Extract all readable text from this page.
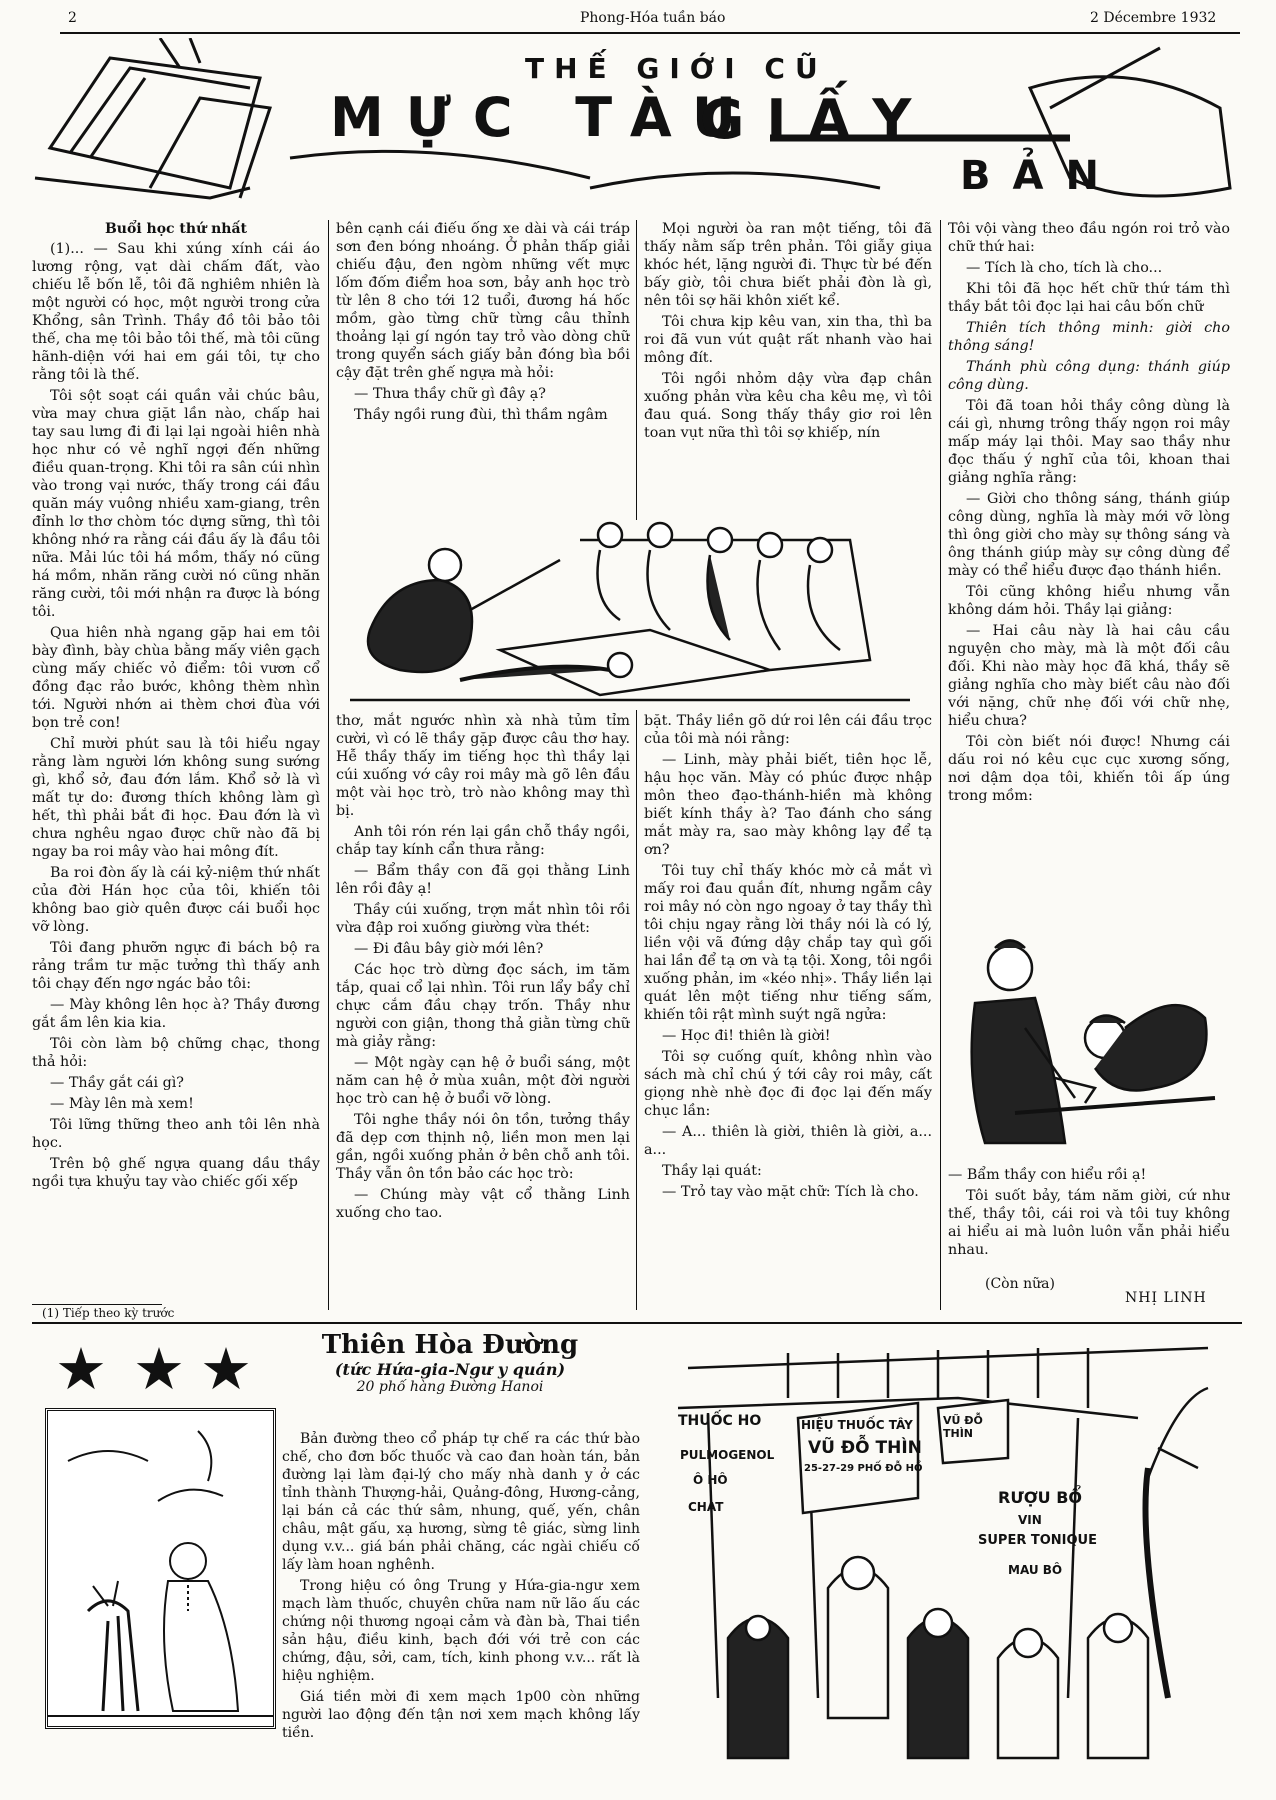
2	Phong-Hóa tuần báo	2 Décembre 1932
THẾ GIỚI CŨ
MỰC TÀU
GIẤY
BẢN
Buổi học thứ nhất

(1)... — Sau khi xúng xính cái áo lương rộng, vạt dài chấm đất, vào chiếu lễ bốn lễ, tôi đã nghiêm nhiên là một người có học, một người trong cửa Khổng, sân Trình. Thầy đồ tôi bảo tôi thế, cha mẹ tôi bảo tôi thế, mà tôi cũng hãnh-diện với hai em gái tôi, tự cho rằng tôi là thế.

Tôi sột soạt cái quần vải chúc bâu, vừa may chưa giặt lần nào, chấp hai tay sau lưng đi đi lại lại ngoài hiên nhà học như có vẻ nghĩ ngợi đến những điều quan-trọng. Khi tôi ra sân cúi nhìn vào trong vại nước, thấy trong cái đầu quăn máy vuông nhiều xam-giang, trên đỉnh lơ thơ chòm tóc dựng sững, thì tôi không nhớ ra rằng cái đầu ấy là đầu tôi nữa. Mải lúc tôi há mồm, thấy nó cũng há mồm, nhăn răng cười nó cũng nhăn răng cười, tôi mới nhận ra được là bóng tôi.

Qua hiên nhà ngang gặp hai em tôi bày đình, bày chùa bằng mấy viên gạch cùng mấy chiếc vỏ điểm: tôi vươn cổ đồng đạc rảo bước, không thèm nhìn tới. Người nhớn ai thèm chơi đùa với bọn trẻ con!

Chỉ mười phút sau là tôi hiểu ngay rằng làm người lớn không sung sướng gì, khổ sở, đau đớn lắm. Khổ sở là vì mất tự do: đương thích không làm gì hết, thì phải bắt đi học. Đau đớn là vì chưa nghêu ngao được chữ nào đã bị ngay ba roi mây vào hai mông đít.

Ba roi đòn ấy là cái kỷ-niệm thứ nhất của đời Hán học của tôi, khiến tôi không bao giờ quên được cái buổi học vỡ lòng.

Tôi đang phưỡn ngực đi bách bộ ra rảng trầm tư mặc tưởng thì thấy anh tôi chạy đến ngơ ngác bảo tôi:

— Mày không lên học à? Thầy đương gắt ầm lên kia kia.

Tôi còn làm bộ chững chạc, thong thả hỏi:

— Thầy gắt cái gì?

— Mày lên mà xem!

Tôi lững thững theo anh tôi lên nhà học.

Trên bộ ghế ngựa quang dầu thầy ngồi tựa khuỷu tay vào chiếc gối xếp

(1) Tiếp theo kỳ trước

bên cạnh cái điếu ống xe dài và cái tráp sơn đen bóng nhoáng. Ở phản thấp giải chiếu đậu, đen ngòm những vết mực lốm đốm điểm hoa sơn, bảy anh học trò từ lên 8 cho tới 12 tuổi, đương há hốc mồm, gào từng chữ từng câu thỉnh thoảng lại gí ngón tay trỏ vào dòng chữ trong quyển sách giấy bản đóng bìa bồi cậy đặt trên ghế ngựa mà hỏi:

— Thưa thầy chữ gì đây ạ?

Thầy ngồi rung đùi, thì thầm ngâm

Mọi người òa ran một tiếng, tôi đã thấy nằm sấp trên phản. Tôi giẫy giụa khóc hét, lặng người đi. Thực từ bé đến bấy giờ, tôi chưa biết phải đòn là gì, nên tôi sợ hãi khôn xiết kể.

Tôi chưa kịp kêu van, xin tha, thì ba roi đã vun vút quật rất nhanh vào hai mông đít.

Tôi ngồi nhỏm dậy vừa đạp chân xuống phản vừa kêu cha kêu mẹ, vì tôi đau quá. Song thấy thầy giơ roi lên toan vụt nữa thì tôi sợ khiếp, nín

thơ, mắt ngước nhìn xà nhà tủm tỉm cười, vì có lẽ thầy gặp được câu thơ hay. Hễ thầy thấy im tiếng học thì thầy lại cúi xuống vớ cây roi mây mà gõ lên đầu một vài học trò, trò nào không may thì bị.

Anh tôi rón rén lại gần chỗ thầy ngồi, chắp tay kính cẩn thưa rằng:

— Bẩm thầy con đã gọi thằng Linh lên rồi đây ạ!

Thầy cúi xuống, trợn mắt nhìn tôi rồi vừa đập roi xuống giường vừa thét:

— Đi đâu bây giờ mới lên?

Các học trò dừng đọc sách, im tăm tắp, quai cổ lại nhìn. Tôi run lẩy bẩy chỉ chực cắm đầu chạy trốn. Thầy như người con giận, thong thả giằn từng chữ mà giảy rằng:

— Một ngày cạn hệ ở buổi sáng, một năm can hệ ở mùa xuân, một đời người học trò can hệ ở buổi vỡ lòng.

Tôi nghe thầy nói ôn tồn, tưởng thầy đã dẹp cơn thịnh nộ, liền mon men lại gần, ngồi xuống phản ở bên chỗ anh tôi. Thầy vẫn ôn tồn bảo các học trò:

— Chúng mày vật cổ thằng Linh xuống cho tao.

bặt. Thầy liền gõ dứ roi lên cái đầu trọc của tôi mà nói rằng:

— Linh, mày phải biết, tiên học lễ, hậu học văn. Mày có phúc được nhập môn theo đạo-thánh-hiền mà không biết kính thầy à? Tao đánh cho sáng mắt mày ra, sao mày không lạy để tạ ơn?

Tôi tuy chỉ thấy khóc mờ cả mắt vì mấy roi đau quắn đít, nhưng ngẫm cây roi mây nó còn ngo ngoay ở tay thầy thì tôi chịu ngay rằng lời thầy nói là có lý, liền vội vã đứng dậy chắp tay quì gối hai lần để tạ ơn và tạ tội. Xong, tôi ngồi xuống phản, im «kéo nhị». Thầy liền lại quát lên một tiếng như tiếng sấm, khiến tôi rật mình suýt ngã ngửa:

— Học đi! thiên là giời!

Tôi sợ cuống quít, không nhìn vào sách mà chỉ chú ý tới cây roi mây, cất giọng nhè nhè đọc đi đọc lại đến mấy chục lần:

— A... thiên là giời, thiên là giời, a... a...

Thầy lại quát:

— Trỏ tay vào mặt chữ: Tích là cho.

Tôi vội vàng theo đầu ngón roi trỏ vào chữ thứ hai:

— Tích là cho, tích là cho...

Khi tôi đã học hết chữ thứ tám thì thầy bắt tôi đọc lại hai câu bốn chữ

Thiên tích thông minh: giời cho thông sáng!

Thánh phù công dụng: thánh giúp công dùng.

Tôi đã toan hỏi thầy công dùng là cái gì, nhưng trông thấy ngọn roi mây mấp máy lại thôi. May sao thầy như đọc thấu ý nghĩ của tôi, khoan thai giảng nghĩa rằng:

— Giời cho thông sáng, thánh giúp công dùng, nghĩa là mày mới vỡ lòng thì ông giời cho mày sự thông sáng và ông thánh giúp mày sự công dùng để mày có thể hiểu được đạo thánh hiền.

Tôi cũng không hiểu nhưng vẫn không dám hỏi. Thầy lại giảng:

— Hai câu này là hai câu cầu nguyện cho mày, mà là một đối câu đối. Khi nào mày học đã khá, thầy sẽ giảng nghĩa cho mày biết câu nào đối với nặng, chữ nhẹ đối với chữ nhẹ, hiểu chưa?

Tôi còn biết nói được! Nhưng cái dấu roi nó kêu cục cục xương sống, nơi dậm dọa tôi, khiến tôi ấp úng trong mồm:

— Bẩm thầy con hiểu rồi ạ!

Tôi suốt bảy, tám năm giời, cứ như thế, thầy tôi, cái roi và tôi tuy không ai hiểu ai mà luôn luôn vẫn phải hiểu nhau.

(Còn nữa)
NHỊ LINH
★ ★ ★	Thiên Hòa Đường
(tức Hứa-gia-Ngư y quán)
20 phố hàng Đường Hanoi

Bản đường theo cổ pháp tự chế ra các thứ bào chế, cho đơn bốc thuốc và cao đan hoàn tán, bản đường lại làm đại-lý cho mấy nhà danh y ở các tỉnh thành Thượng-hải, Quảng-đông, Hương-cảng, lại bán cả các thứ sâm, nhung, quế, yến, chân châu, mật gấu, xạ hương, sừng tê giác, sừng linh dụng v.v... giá bán phải chăng, các ngài chiếu cố lấy làm hoan nghênh.

Trong hiệu có ông Trung y Hứa-gia-ngư xem mạch làm thuốc, chuyên chữa nam nữ lão ấu các chứng nội thương ngoại cảm và đàn bà, Thai tiền sản hậu, điều kinh, bạch đới với trẻ con các chứng, đậu, sởi, cam, tích, kinh phong v.v... rất là hiệu nghiệm.

Giá tiền mời đi xem mạch 1p00 còn những người lao động đến tận nơi xem mạch không lấy tiền.

THUỐC HO
PULMOGENOL
Ô HÔ
CHAT
HIỆU THUỐC TÂY
VŨ ĐỖ THÌN
25-27-29 PHỐ ĐỖ HỒ
VŨ ĐỖ THÌN
RƯỢU BỔ
VIN
SUPER TONIQUE
MAU BÔ
